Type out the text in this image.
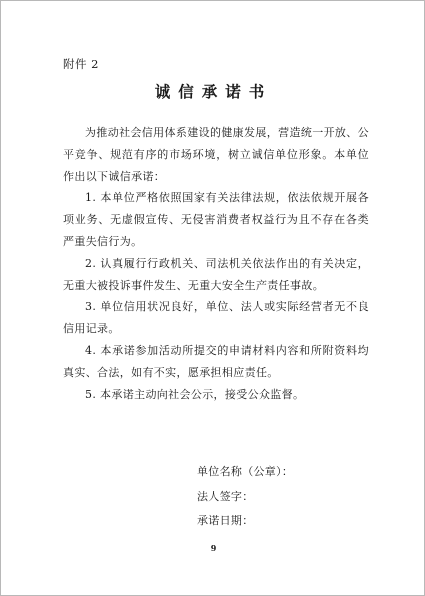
附件 2
诚信承诺书

为推动社会信用体系建设的健康发展，营造统一开放、公平竞争、规范有序的市场环境，树立诚信单位形象。本单位作出以下诚信承诺：

1. 本单位严格依照国家有关法律法规，依法依规开展各项业务、无虚假宣传、无侵害消费者权益行为且不存在各类严重失信行为。

2. 认真履行行政机关、司法机关依法作出的有关决定，无重大被投诉事件发生、无重大安全生产责任事故。

3. 单位信用状况良好，单位、法人或实际经营者无不良信用记录。

4. 本承诺参加活动所提交的申请材料内容和所附资料均真实、合法，如有不实，愿承担相应责任。

5. 本承诺主动向社会公示，接受公众监督。

单位名称（公章）：
法人签字：
承诺日期：
9
